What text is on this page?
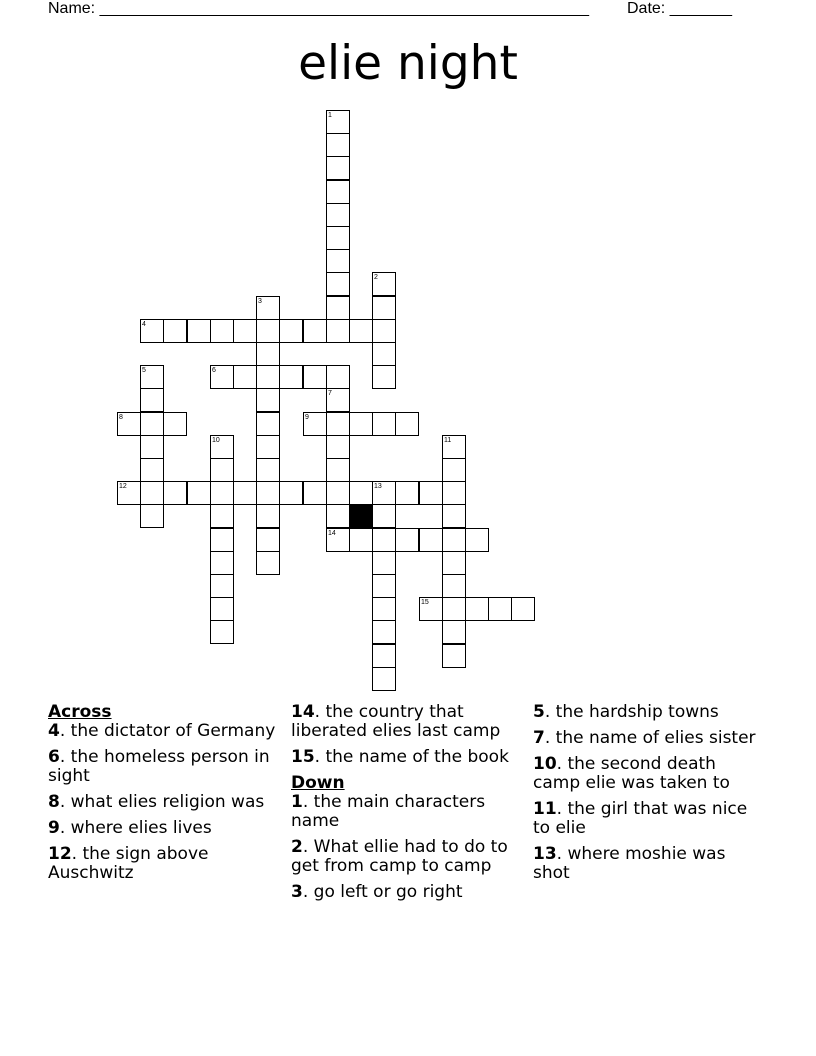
Name: _______________________________________________________ Date: _______
elie night
4
6
8	9
12
14
15
1
2
3
5
7
10	11
13
Across
4. the dictator of Germany
6. the homeless person in sight
8. what elies religion was
9. where elies lives
12. the sign above Auschwitz
14. the country that liberated elies last camp
15. the name of the book
Down
1. the main characters name
2. What ellie had to do to get from camp to camp
3. go left or go right
5. the hardship towns
7. the name of elies sister
10. the second death camp elie was taken to
11. the girl that was nice to elie
13. where moshie was shot
